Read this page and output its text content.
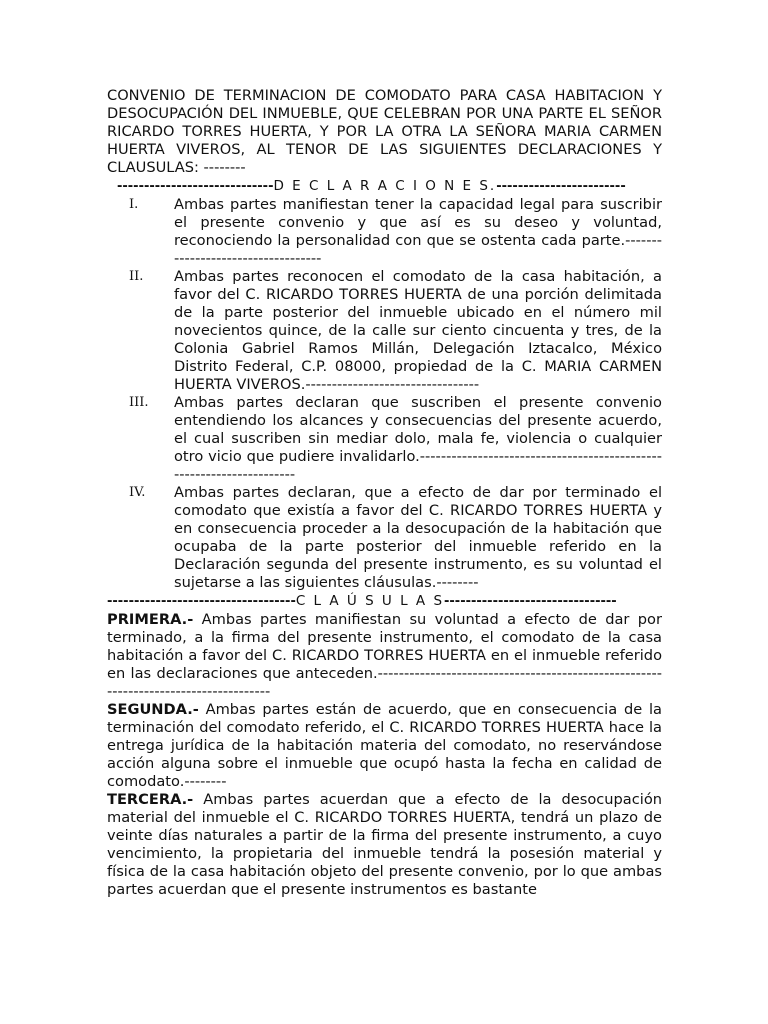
CONVENIO DE TERMINACION DE COMODATO PARA CASA HABITACION Y DESOCUPACIÓN DEL INMUEBLE, QUE CELEBRAN POR UNA PARTE EL SEÑOR RICARDO TORRES HUERTA, Y POR LA OTRA LA SEÑORA MARIA CARMEN HUERTA VIVEROS, AL TENOR DE LAS SIGUIENTES DECLARACIONES Y CLAUSULAS: --------

-----------------------------D E C L A R A C I O N E S.------------------------
I. Ambas partes manifiestan tener la capacidad legal para suscribir el presente convenio y que así es su deseo y voluntad, reconociendo la personalidad con que se ostenta cada parte.-----------------------------------

II. Ambas partes reconocen el comodato de la casa habitación, a favor del C. RICARDO TORRES HUERTA de una porción delimitada de la parte posterior del inmueble ubicado en el número mil novecientos quince, de la calle sur ciento cincuenta y tres, de la Colonia Gabriel Ramos Millán, Delegación Iztacalco, México Distrito Federal, C.P. 08000, propiedad de la C. MARIA CARMEN HUERTA VIVEROS.---------------------------------

III. Ambas partes declaran que suscriben el presente convenio entendiendo los alcances y consecuencias del presente acuerdo, el cual suscriben sin mediar dolo, mala fe, violencia o cualquier otro vicio que pudiere invalidarlo.---------------------------------------------------------------------

IV. Ambas partes declaran, que a efecto de dar por terminado el comodato que existía a favor del C. RICARDO TORRES HUERTA y en consecuencia proceder a la desocupación de la habitación que ocupaba de la parte posterior del inmueble referido en la Declaración segunda del presente instrumento, es su voluntad el sujetarse a las siguientes cláusulas.--------

-----------------------------------C L A Ú S U L A S--------------------------------

PRIMERA.- Ambas partes manifiestan su voluntad a efecto de dar por terminado, a la firma del presente instrumento, el comodato de la casa habitación a favor del C. RICARDO TORRES HUERTA en el inmueble referido en las declaraciones que anteceden.-------------------------------------------------------------------------------------

SEGUNDA.- Ambas partes están de acuerdo, que en consecuencia de la terminación del comodato referido, el C. RICARDO TORRES HUERTA hace la entrega jurídica de la habitación materia del comodato, no reservándose acción alguna sobre el inmueble que ocupó hasta la fecha en calidad de comodato.--------

TERCERA.- Ambas partes acuerdan que a efecto de la desocupación material del inmueble el C. RICARDO TORRES HUERTA, tendrá un plazo de veinte días naturales a partir de la firma del presente instrumento, a cuyo vencimiento, la propietaria del inmueble tendrá la posesión material y física de la casa habitación objeto del presente convenio, por lo que ambas partes acuerdan que el presente instrumentos es bastante
